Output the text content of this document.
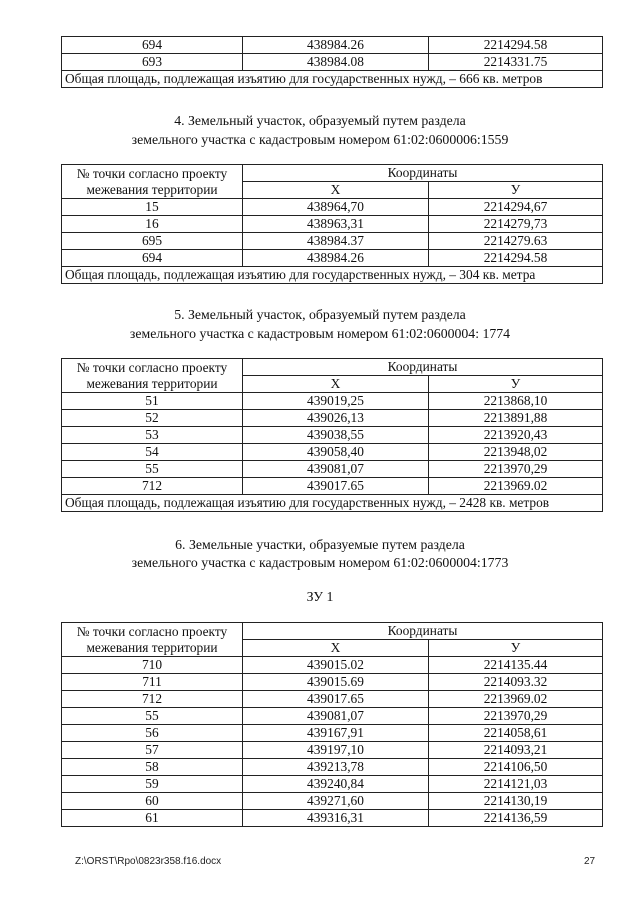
694	438984.26	2214294.58
693	438984.08	2214331.75
Общая площадь, подлежащая изъятию для государственных нужд, – 666 кв. метров		
4. Земельный участок, образуемый путем раздела
земельного участка с кадастровым номером 61:02:0600006:1559
№ точки согласно проекту межевания территории	Координаты	
	X	У
15	438964,70	2214294,67
16	438963,31	2214279,73
695	438984.37	2214279.63
694	438984.26	2214294.58
Общая площадь, подлежащая изъятию для государственных нужд, – 304 кв. метра		
5. Земельный участок, образуемый путем раздела
земельного участка с кадастровым номером 61:02:0600004: 1774
№ точки согласно проекту межевания территории	Координаты	
	X	У
51	439019,25	2213868,10
52	439026,13	2213891,88
53	439038,55	2213920,43
54	439058,40	2213948,02
55	439081,07	2213970,29
712	439017.65	2213969.02
Общая площадь, подлежащая изъятию для государственных нужд, – 2428 кв. метров		
6. Земельные участки, образуемые путем раздела
земельного участка с кадастровым номером 61:02:0600004:1773
ЗУ 1
№ точки согласно проекту межевания территории	Координаты	
	X	У
710	439015.02	2214135.44
711	439015.69	2214093.32
712	439017.65	2213969.02
55	439081,07	2213970,29
56	439167,91	2214058,61
57	439197,10	2214093,21
58	439213,78	2214106,50
59	439240,84	2214121,03
60	439271,60	2214130,19
61	439316,31	2214136,59
Z:\ORST\Rpo\0823r358.f16.docx	27
